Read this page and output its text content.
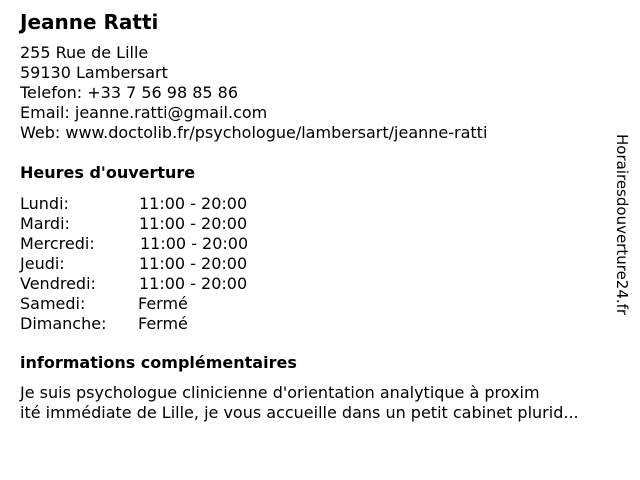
Jeanne Ratti
255 Rue de Lille
59130 Lambersart
Telefon: +33 7 56 98 85 86
Email: jeanne.ratti@gmail.com
Web: www.doctolib.fr/psychologue/lambersart/jeanne-ratti
Heures d'ouverture
Lundi:	11:00 - 20:00
Mardi:	11:00 - 20:00
Mercredi:	11:00 - 20:00
Jeudi:	11:00 - 20:00
Vendredi:	11:00 - 20:00
Samedi:	Fermé
Dimanche: Fermé
informations complémentaires
Je suis psychologue clinicienne d'orientation analytique à proxim
ité immédiate de Lille, je vous accueille dans un petit cabinet plurid...
Horairesdouverture24.fr
